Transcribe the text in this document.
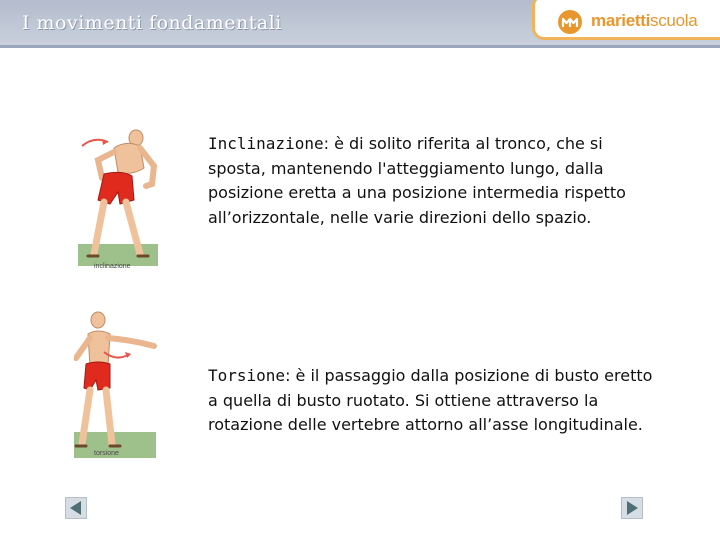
I movimenti fondamentali	mariettiscuola
inclinazione
torsione
Inclinazione: è di solito riferita al tronco, che si sposta, mantenendo l'atteggiamento lungo, dalla posizione eretta a una posizione intermedia rispetto all’orizzontale, nelle varie direzioni dello spazio.
Torsione: è il passaggio dalla posizione di busto eretto a quella di busto ruotato. Si ottiene attraverso la rotazione delle vertebre attorno all’asse longitudinale.
